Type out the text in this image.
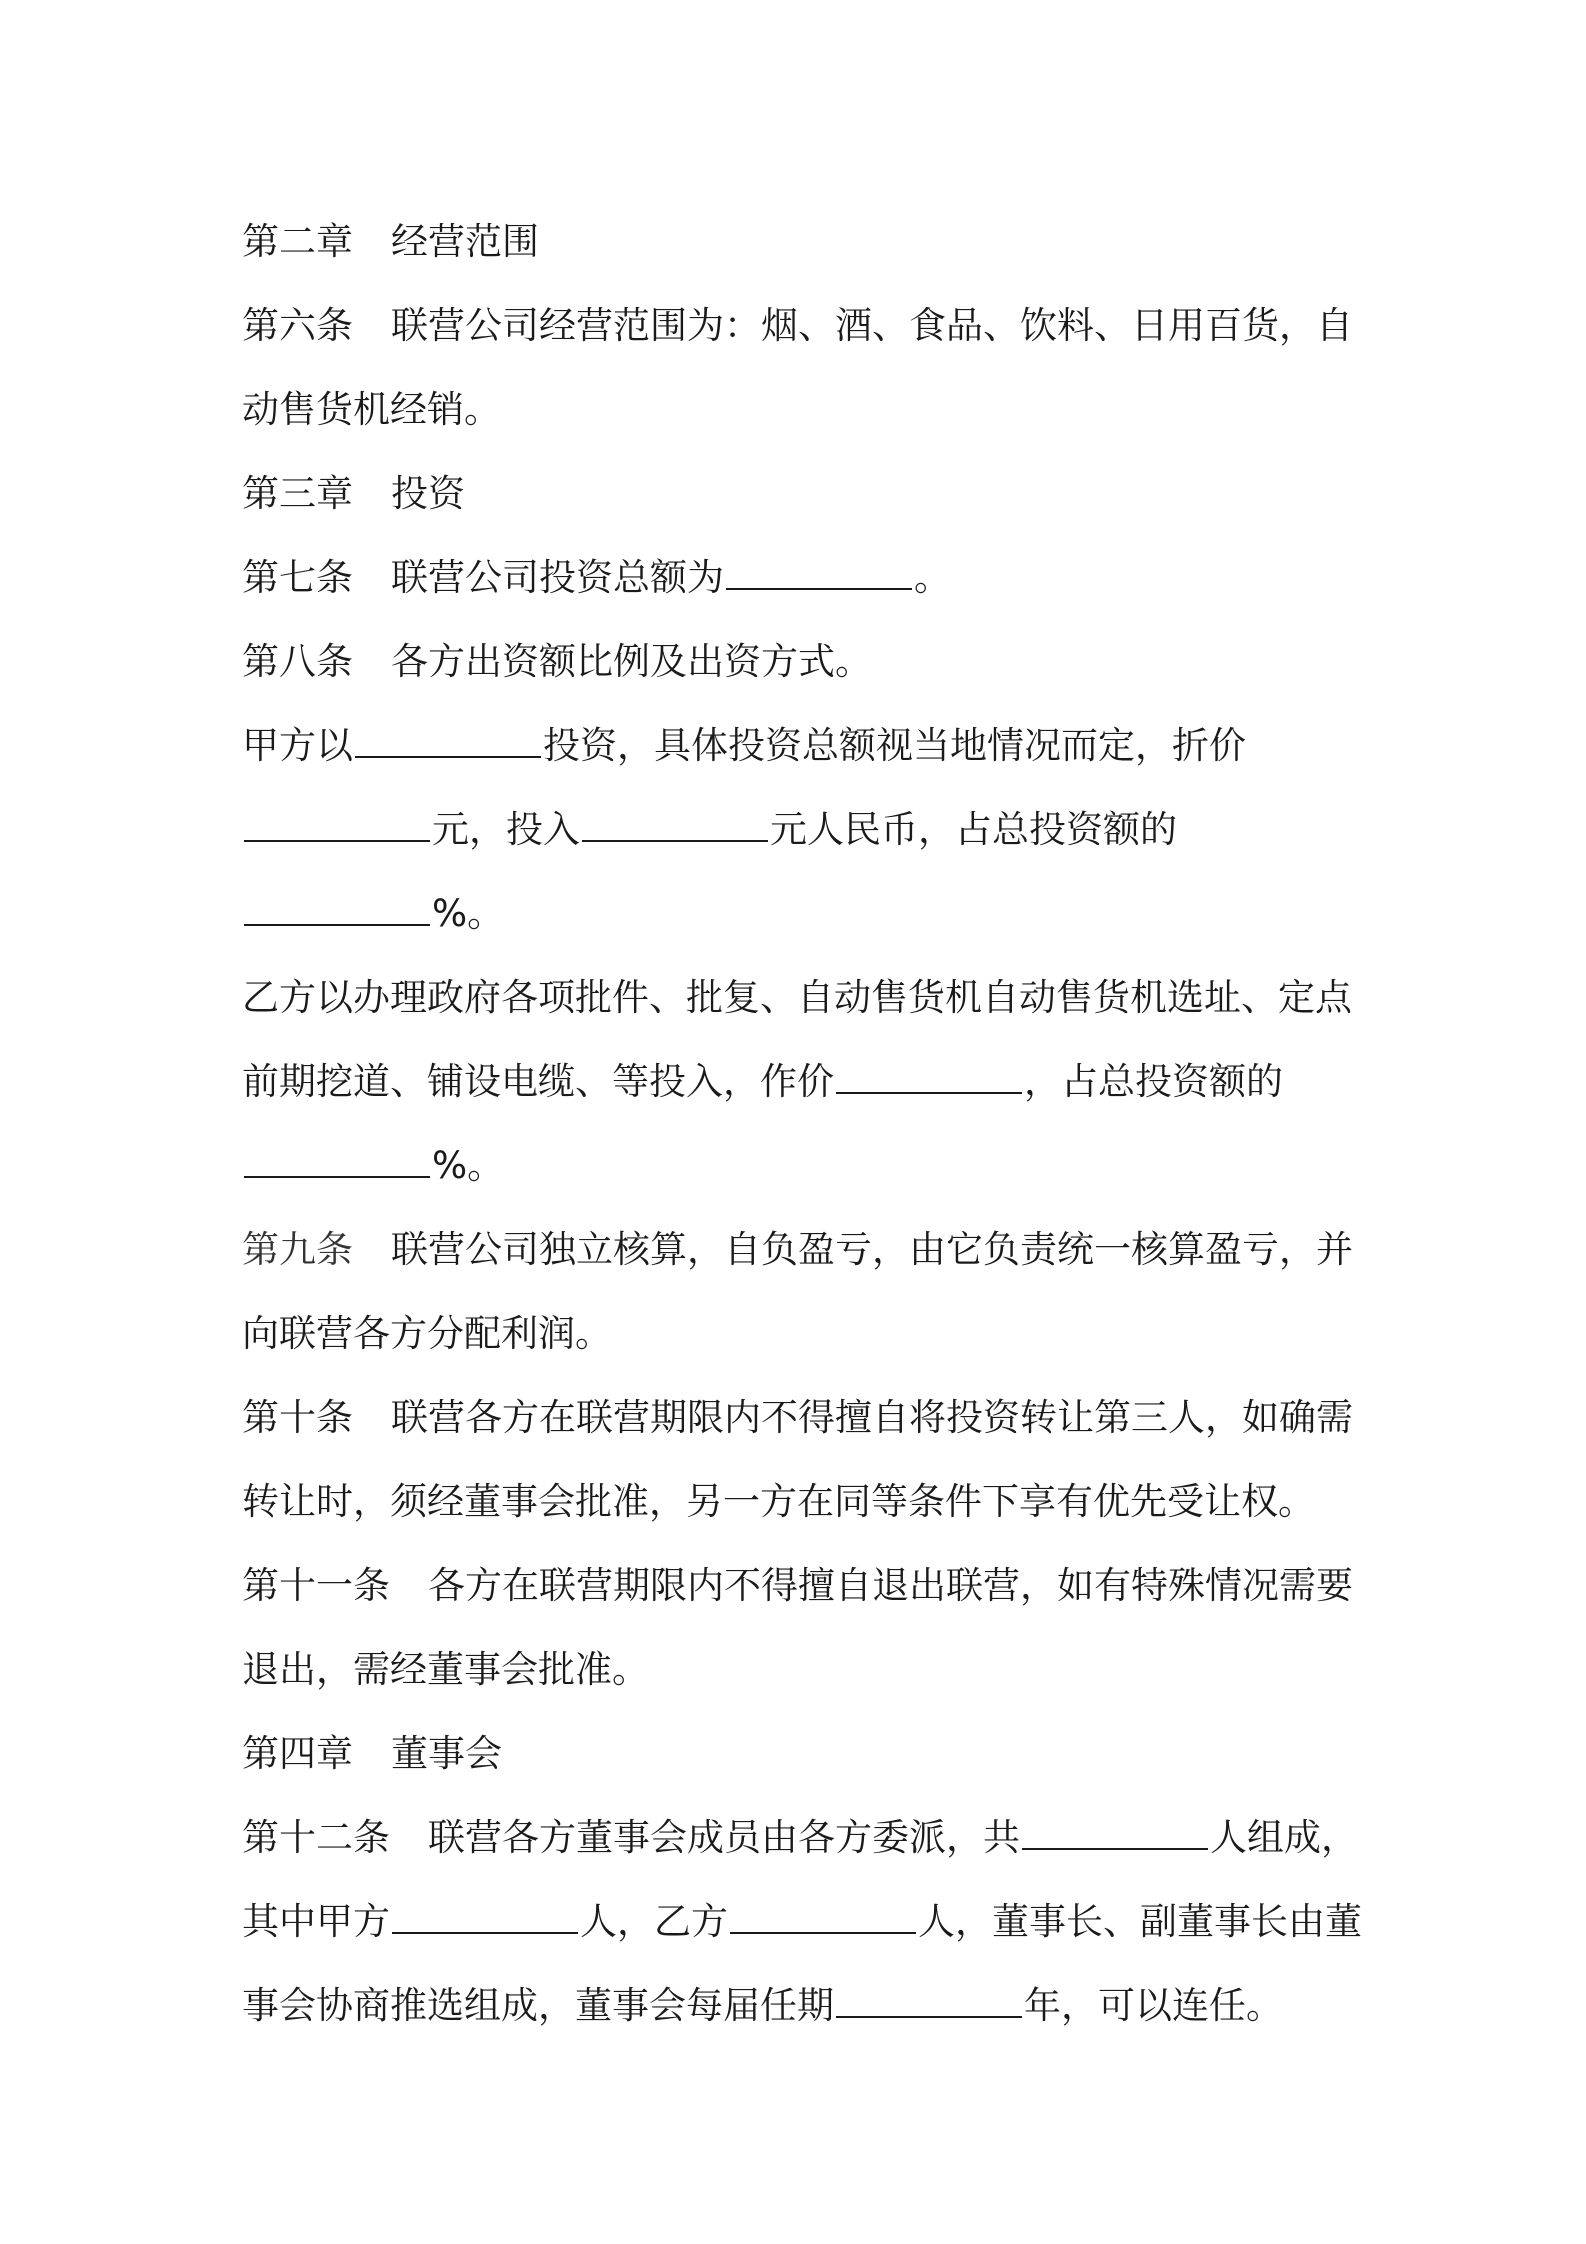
第二章 经营范围
第六条 联营公司经营范围为：烟、酒、食品、饮料、日用百货，自
动售货机经销。
第三章 投资
第七条 联营公司投资总额为	。
第八条 各方出资额比例及出资方式。
甲方以	投资，具体投资总额视当地情况而定，折价
元，投入	元人民币，占总投资额的
%。
乙方以办理政府各项批件、批复、自动售货机自动售货机选址、定点
前期挖道、铺设电缆、等投入，作价	，占总投资额的
%。
第九条 联营公司独立核算，自负盈亏，由它负责统一核算盈亏，并
向联营各方分配利润。
第十条 联营各方在联营期限内不得擅自将投资转让第三人，如确需
转让时，须经董事会批准，另一方在同等条件下享有优先受让权。
第十一条 各方在联营期限内不得擅自退出联营，如有特殊情况需要
退出，需经董事会批准。
第四章 董事会
第十二条 联营各方董事会成员由各方委派，共	人组成，
其中甲方	人，乙方	人，董事长、副董事长由董
事会协商推选组成，董事会每届任期	年，可以连任。
